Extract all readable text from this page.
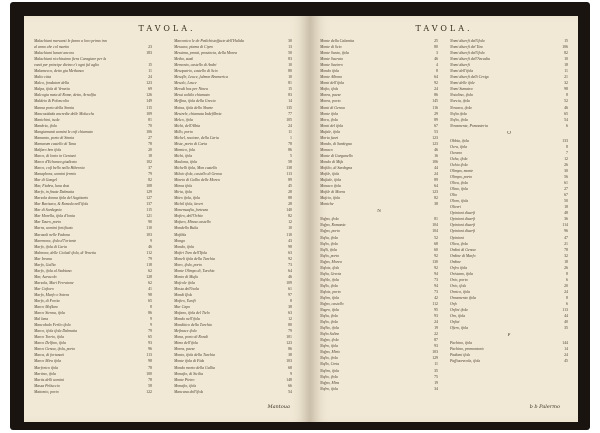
TAVOLA.
Malachiani mercanti le fanno a loro primo inn
al anno che col marito	23
Malachiani lunari ancora	183
Malachiani ricchissimo fiera Caragiare per la
vanti per principe divino e't ogni ful aglio	15
Malamecco, detto gia Methanco	11
Malio citta	24
Malco, fondatori della	123
Malpa, ifola di Venetia	69
Malcogia meta di Rome, detto, Arnolfia	126
Maldeio & Poloncolio	149
Manna porto della Sinnia	115
Mancosidada ancredie delle Molucche	109
Manichini, isola	81
Mandria, ifola	70
Mangiamanti uomini le cofi chiamato	106
Mamanto, porto di Sinnia	27
Mamarum castello di Tana	78
Malfaro ben ifola	20
Marco, di lonio in Gentani	18
Marco d'Echanea giudicato	102
Marco, cofi bello nella Hibernia	37
Manaphora, uomini fermio	79
Mar di Gangel	82
Mar, Fiabra, luna dosi	108
Marfo, in finate Dalmatia	129
Marsola donna ifola del Sagittario	127
Mar Barisara, & Romola nell'ifola	137
Mar di Sardegnia	115
Mar Morella, ifola d'lonia	121
Mar Tauro, porto	90
Marra, uomini fortificato	110
Marasoli nelle Fadona	103
Maremora, ifola d'l'oriente	9
Marfo, ifola di Caria	46
Malmora, delle Cicladi ifola, di Venetia	112
Mar Ireana	79
Marfo, Gallia	118
Marfo, ifola al Stabiano	62
Mar, Auracolo	128
Marsola, Mari Ferratone	62
Mar Coftoro	41
Marfo, Marfo o Sotrea	98
Marfo, di Fortia	65
Marco Moflano	8
Marco Sienna, ifola	86
Mal lana	9
Mancobalo Ferlio ifola	9
Marco, ifola ifola Dalmatia	79
Marco Torrio, ifola	65
Marco Delfino, ifola	93
Marco Genoa, ifola, porto	96
Marca, di fortunati	113
Marco Mira ifola	98
Marforico ifola	78
Martino, ifola	100
Martis delli uomini	78
Massa Peliuccio	58
Mattonio, porto	122
Marconico le de Pedichistoffacte dell'Halida	30
Messara, piama di Cipro	13
Messima, pronti, prouincia, della Morea	50
Metho, stadi	83
Memonio, castello di Andri	10
Mesopatrio, castello di Scio	80
Mesofle, Leuce, fulmon Bramerica	10
Mesolo, Leuce	81
Mersdi hos per Ninea	15
Messi uoltilo chiamato	83
Meffina, ifola della Grecia	14
Moina, ifola dello Sbarte	135
Mestrele, chiamata Indefilbria	77
Melco, ifola	105
Michi, dell'Albia	24
Millo, porto	11
Michel, nocione, della Caria	1
Miste, porto di Caria	78
Minnico, fola	86
Michi, ifola	5
Maulona, ifola	58
Michelli ifola, Mon castello	138
Miloio ifola, castello di Genoa	113
Mineto di Gallio delle Morea	89
Minoa ifola	45
Miria, ifola	28
Mitro ifola, ifola	88
Michil ifola, laveri	28
Monemuafia, fortezza	140
Mofiro, dell'Orbia	82
Mofuro, Minoa castello	12
Mondello Bulia	10
Mofibla	110
Mongo	43
Mondo, ifola	98
Mofiri Toro dell'Ifola	63
Moneli ifola della Turchia	92
Moro, ifola, porto	73
Monte Olimpo di, Turchia	64
Monto di Mufia	46
Mofcole ifola	109
Mosta dell'isola	61
Mondi Ifola	97
Moftro, Tunifi	8
Mur Capo	38
Mofano, ifola del Tielo	63
Mondo nell'ifola	12
Monditico della Turchia	80
Mefinace ifola	79
Mona, porto di Rondi	101
Mimo dell'ifola	123
Morea, paese	86
Monto, ifola della Turchia	38
Monte ifola di Fida	103
Mondo morto della Gallia	68
Monafio, di Sicilia	9
Monte Pietro	148
Monafio, ifola	66
Mancana dell'ifola	54
Mantoua
TAVOLA.
Monte della Calamita	25
Monte di Scio	80
Monte Santo, ifola	3
Monte Sacrato	46
Monte Saviero	4
Mondo ifola	8
Monte Albono	64
Monti dell'ifola	92
Mofto, ifola	24
Morea, paese	86
Morea, porto	145
Monti di Genoa	116
Monte ifola	29
Mora, ifola	89
Monti del ifola	67
Mufale, ifola	53
Moria fuori	123
Mondo, di Sardegna	123
Monaco	46
Monte di Garganello	16
Mondo di Mifa	106
Mofilio, di Sardegna	44
Mofile, ifola	24
Mufiale, ifola	89
Monaco ifola	64
Mofile di Morea	123
Mufcio, ifola	82
Moniche	38
N
Nafpo, ifola	81
Nafpo, Romania	104
Nafpo, porto	104
Nafia, ifola	52
Nafio, ifola	68
Nafli, ifola	60
Nafio, porto	92
Nafpo, Morea	130
Nafcia, ifola	92
Nafia, Grecia	94
Nafilo, ifola	73
Naflo, ifola	94
Nafcia, porto	73
Nafiro, ifola	42
Nafpo, castello	112
Nagro, ifola	95
Nafia, ifola	93
Nafio, ifola	24
Naflio, ifola	19
Nafio Saline	22
Nafpo, ifola	87
Nafro, ifola	93
Nafpo, Mirio	103
Nafio, ifola	129
Naflo, Creta	11
Nafiro, ifola	35
Nafto, ifola	75
Nafpo, Mira	19
Nafro, ifola	34
Nomi diuerfi dell'ifola	15
Nomi diuerfi del Tino	106
Nomi diuerfi dell'ifola	82
Nomi diuerfi dell'Arcadia	10
Nomi diuerfi	18
Nomi dell'ifola	11
Nomi diuerfi delli Cerigo	21
Nomi delle ifole	32
Nomi Sumatra	98
Notalino, ifola	8
Norcia, ifola	52
Nowara, ifola	46
Nofia ifola	65
Nofio, ifola	54
Novamente, Pomonteria	6
O
Obbia, ifola	133
Ocra, ifola	8
Oceano	7
Ocha, ifola	12
Ochia ifola	26
Olimpo, monte	30
Olimpo, porto	56
Oliva, ifola	61
Olino, ifola	27
Olio	67
Oloro, ifola	50
Oliveri	18
Opinioni diuerfi	48
Opinioni diuerfi	36
Opinioni diuerfi	114
Opinioni diuerfi	96
Opinioni	47
Oliva, ifola	21
Ordini di Genoa	78
Ordine di Marfo	32
Ordine	18
Orfeo ifola	26
Oristano, ifola	8
Orio, porto	6
Orio, ifola	20
Ornico, ifola	24
Ornamento ifola	8
Orfo	6
Orfini ifola	113
Oro, ifola	44
Orfiai	40
Ofero, ifola	35
P
Pachino, ifola	144
Pachino, promontorio	14
Padiani ifola	24
Paffiuorecola, ifola	45
b b Palermo
